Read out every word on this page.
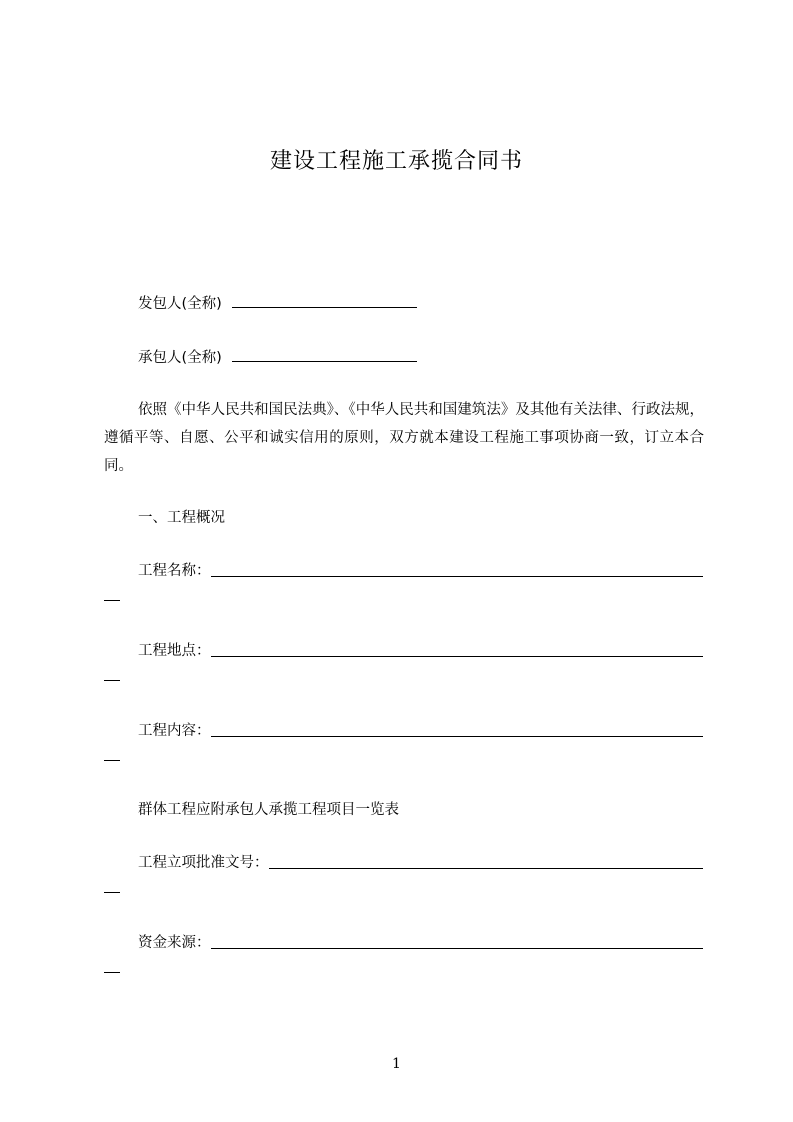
建设工程施工承揽合同书
发包人(全称)
承包人(全称)
依照《中华人民共和国民法典》、《中华人民共和国建筑法》及其他有关法律、行政法规，遵循平等、自愿、公平和诚实信用的原则，双方就本建设工程施工事项协商一致，订立本合同。
一、工程概况
工程名称：
工程地点：
工程内容：
群体工程应附承包人承揽工程项目一览表
工程立项批准文号：
资金来源：
1
